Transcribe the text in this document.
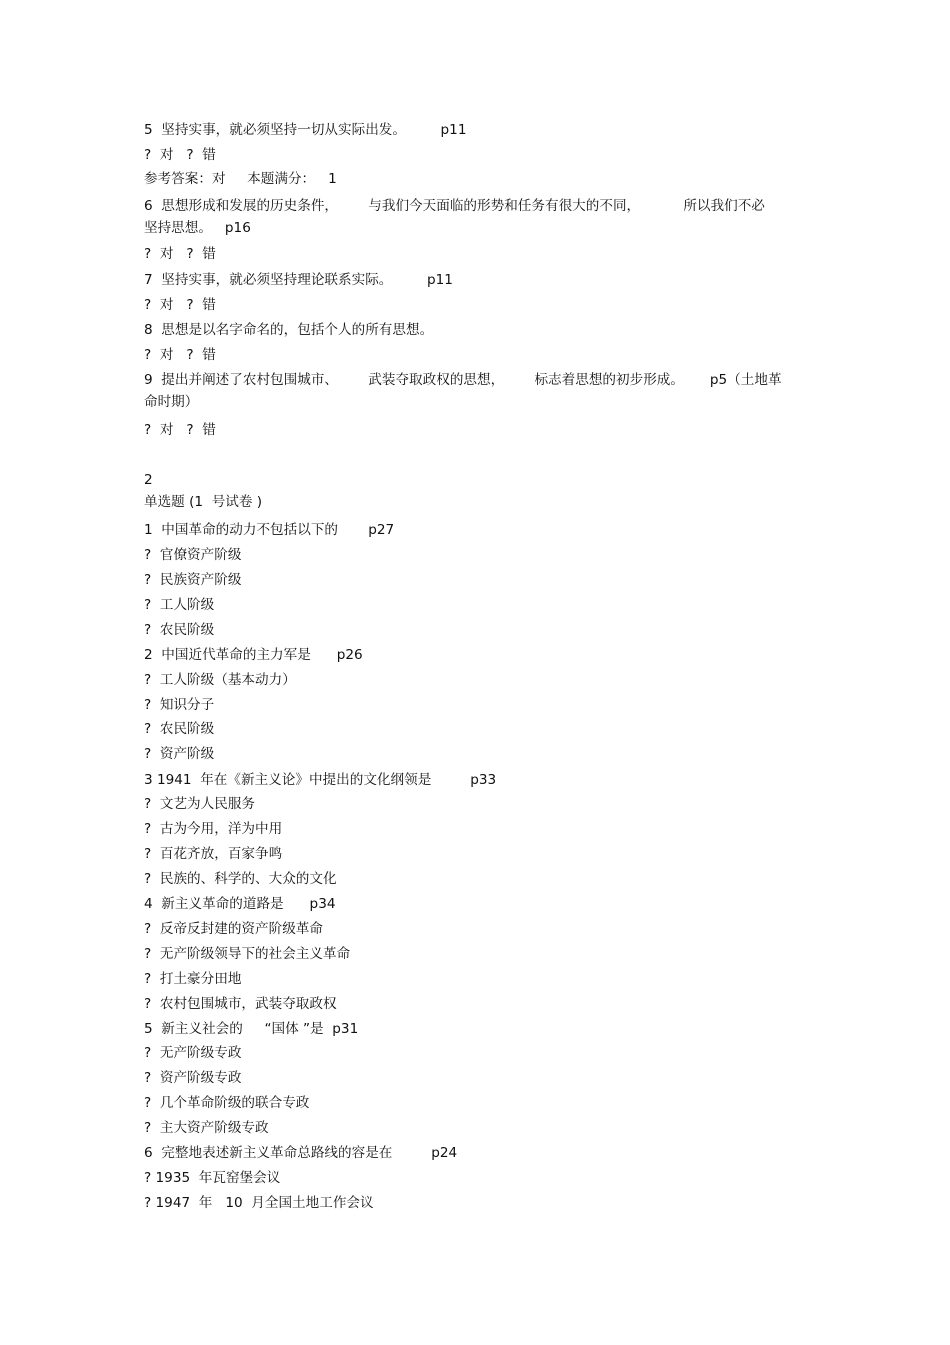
5  坚持实事，就必须坚持一切从实际出发。        p11
?  对   ?  错
参考答案：对     本题满分：   1
6  思想形成和发展的历史条件，       与我们今天面临的形势和任务有很大的不同，          所以我们不必
坚持思想。   p16
?  对   ?  错
7  坚持实事，就必须坚持理论联系实际。        p11
?  对   ?  错
8  思想是以名字命名的，包括个人的所有思想。
?  对   ?  错
9  提出并阐述了农村包围城市、       武装夺取政权的思想，       标志着思想的初步形成。      p5（土地革
命时期）
?  对   ?  错
2
单选题 (1  号试卷 )
1  中国革命的动力不包括以下的       p27
?  官僚资产阶级
?  民族资产阶级
?  工人阶级
?  农民阶级
2  中国近代革命的主力军是      p26
?  工人阶级（基本动力）
?  知识分子
?  农民阶级
?  资产阶级
3 1941  年在《新主义论》中提出的文化纲领是         p33
?  文艺为人民服务
?  古为今用，洋为中用
?  百花齐放，百家争鸣
?  民族的、科学的、大众的文化
4  新主义革命的道路是      p34
?  反帝反封建的资产阶级革命
?  无产阶级领导下的社会主义革命
?  打土豪分田地
?  农村包围城市，武装夺取政权
5  新主义社会的     “国体 ”是  p31
?  无产阶级专政
?  资产阶级专政
?  几个革命阶级的联合专政
?  主大资产阶级专政
6  完整地表述新主义革命总路线的容是在         p24
? 1935  年瓦窑堡会议
? 1947  年   10  月全国土地工作会议
